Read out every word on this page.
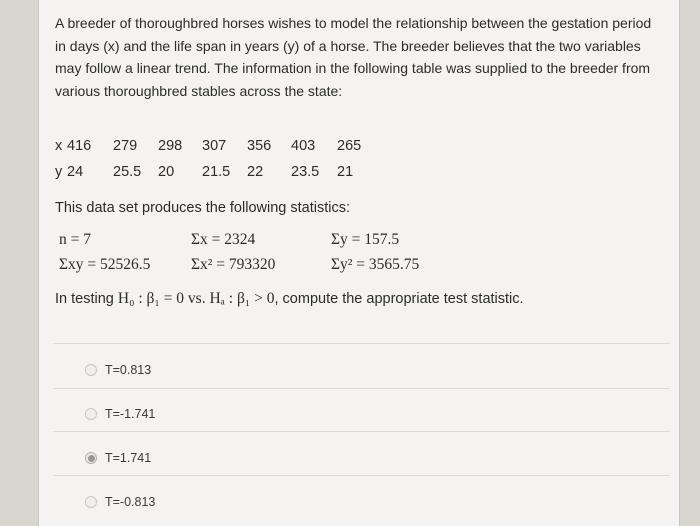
A breeder of thoroughbred horses wishes to model the relationship between the gestation period in days (x) and the life span in years (y) of a horse. The breeder believes that the two variables may follow a linear trend. The information in the following table was supplied to the breeder from various thoroughbred stables across the state:
x 416 279 298 307 356 403 265
y 24 25.5 20 21.5 22 23.5 21
This data set produces the following statistics:
n = 7	Σx = 2324	Σy = 157.5
Σxy = 52526.5	Σx² = 793320	Σy² = 3565.75
In testing H₀ : β₁ = 0 vs. Hₐ : β₁ > 0, compute the appropriate test statistic.
T=0.813
T=-1.741
T=1.741
T=-0.813
